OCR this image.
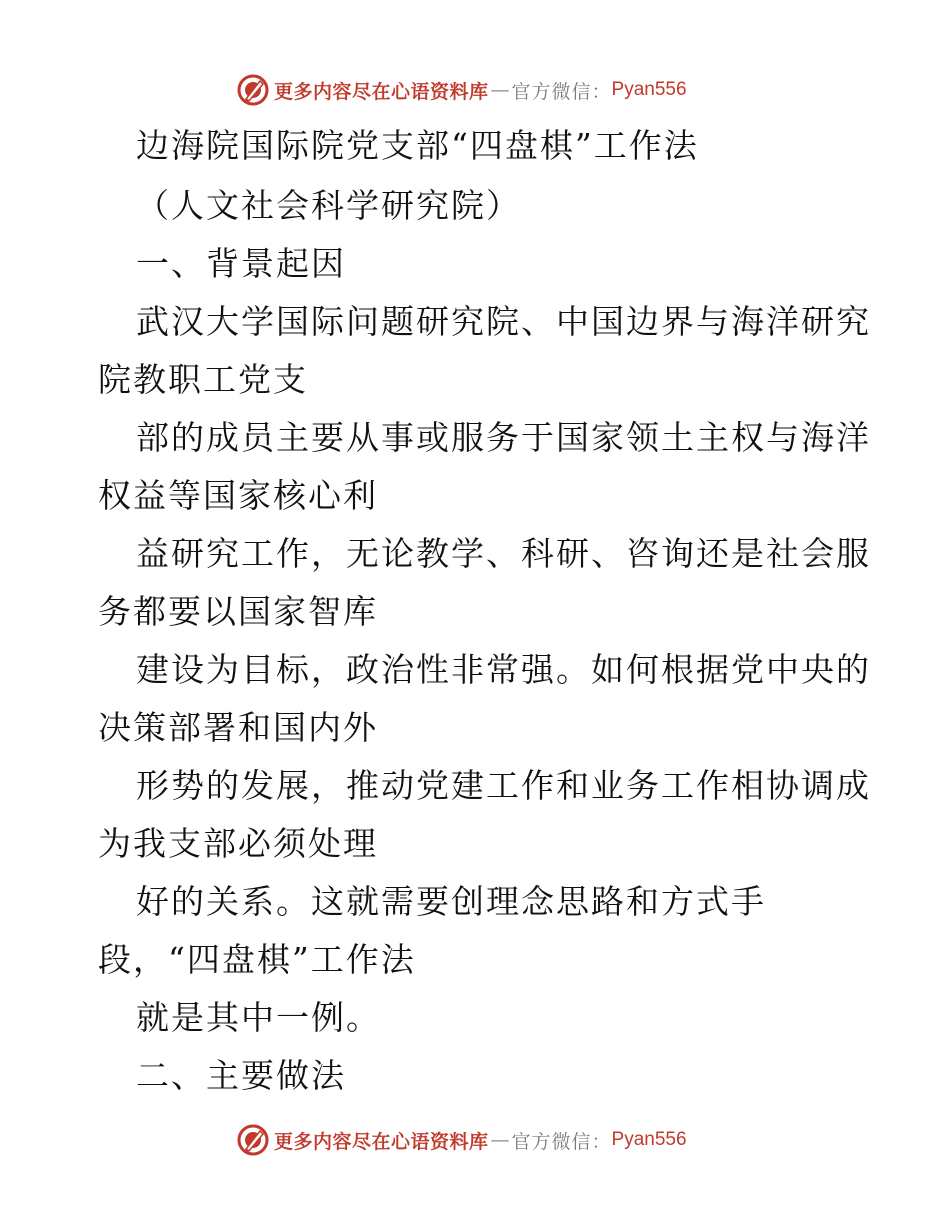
更多内容尽在心语资料库 — 官方微信： Pyan556
边海院国际院党支部“四盘棋”工作法
（人文社会科学研究院）
一、背景起因
武汉大学国际问题研究院、中国边界与海洋研究
院教职工党支
部的成员主要从事或服务于国家领土主权与海洋
权益等国家核心利
益研究工作，无论教学、科研、咨询还是社会服
务都要以国家智库
建设为目标，政治性非常强。如何根据党中央的
决策部署和国内外
形势的发展，推动党建工作和业务工作相协调成
为我支部必须处理
好的关系。这就需要创理念思路和方式手
段，“四盘棋”工作法
就是其中一例。
二、主要做法
更多内容尽在心语资料库 — 官方微信： Pyan556
